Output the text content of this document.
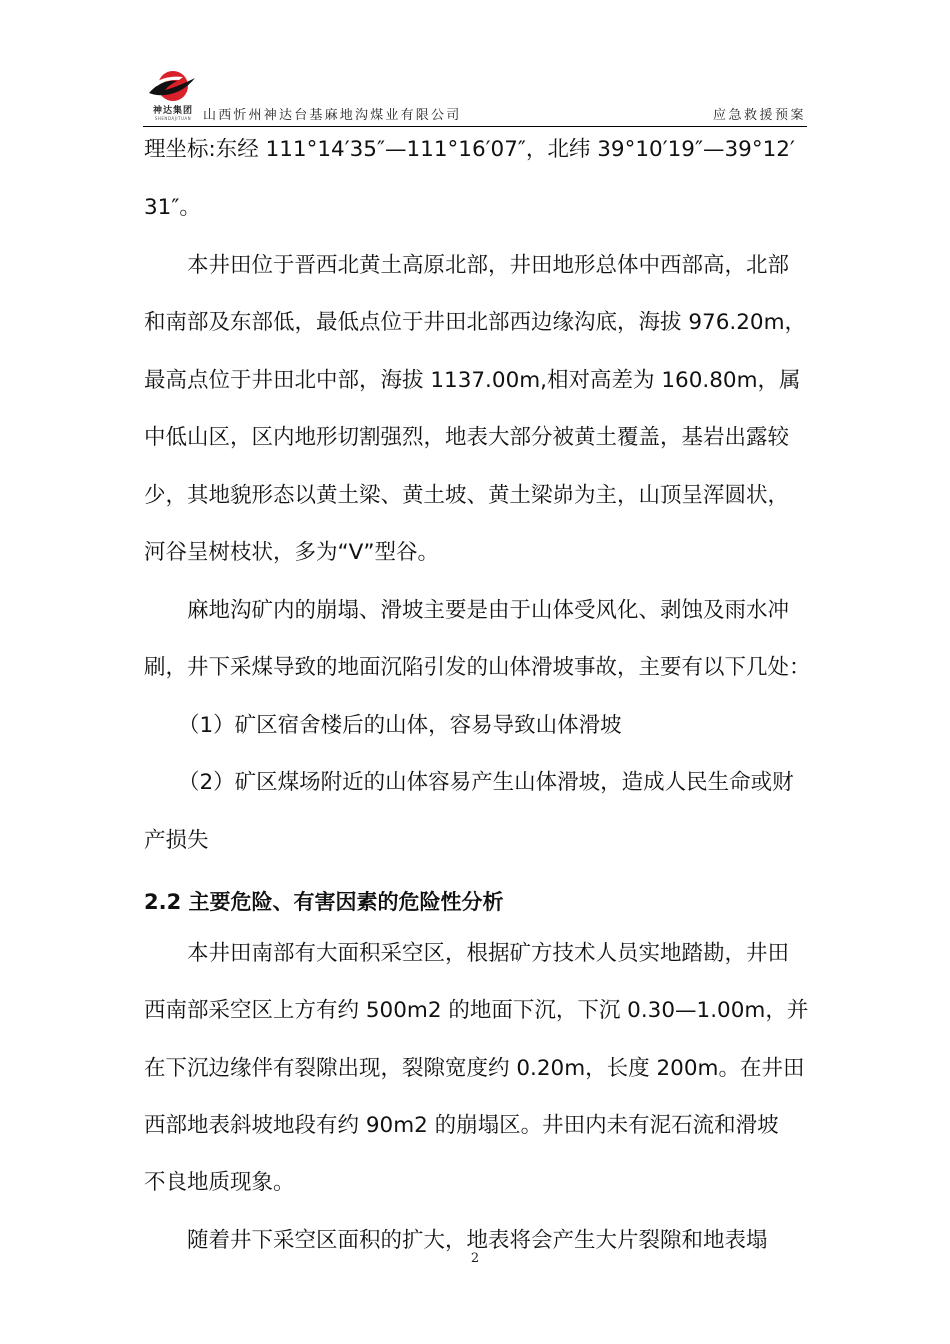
神达集团
SHENDAJITUAN 山西忻州神达台基麻地沟煤业有限公司	应急救援预案
理坐标:东经 111°14′35″—111°16′07″，北纬 39°10′19″—39°12′
31″。
本井田位于晋西北黄土高原北部，井田地形总体中西部高，北部
和南部及东部低，最低点位于井田北部西边缘沟底，海拔 976.20m，
最高点位于井田北中部，海拔 1137.00m,相对高差为 160.80m，属
中低山区，区内地形切割强烈，地表大部分被黄土覆盖，基岩出露较
少，其地貌形态以黄土梁、黄土坡、黄土梁峁为主，山顶呈浑圆状，
河谷呈树枝状，多为“V”型谷。
麻地沟矿内的崩塌、滑坡主要是由于山体受风化、剥蚀及雨水冲
刷，井下采煤导致的地面沉陷引发的山体滑坡事故，主要有以下几处：
（1）矿区宿舍楼后的山体，容易导致山体滑坡
（2）矿区煤场附近的山体容易产生山体滑坡，造成人民生命或财
产损失
2.2 主要危险、有害因素的危险性分析
本井田南部有大面积采空区，根据矿方技术人员实地踏勘，井田
西南部采空区上方有约 500m2 的地面下沉，下沉 0.30—1.00m，并
在下沉边缘伴有裂隙出现，裂隙宽度约 0.20m，长度 200m。在井田
西部地表斜坡地段有约 90m2 的崩塌区。井田内未有泥石流和滑坡
不良地质现象。
随着井下采空区面积的扩大，地表将会产生大片裂隙和地表塌
2
